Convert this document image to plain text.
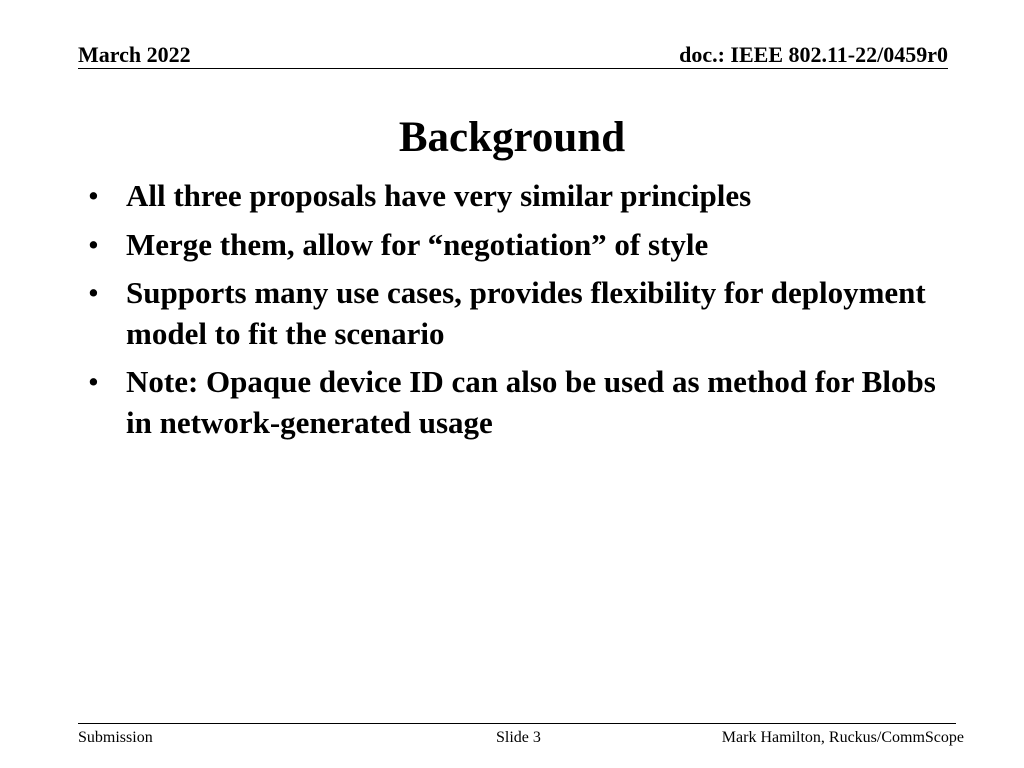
March 2022	doc.: IEEE 802.11-22/0459r0
Background
• All three proposals have very similar principles
• Merge them, allow for “negotiation” of style
• Supports many use cases, provides flexibility for deployment model to fit the scenario
• Note: Opaque device ID can also be used as method for Blobs in network-generated usage
Submission	Slide 3	Mark Hamilton, Ruckus/CommScope
